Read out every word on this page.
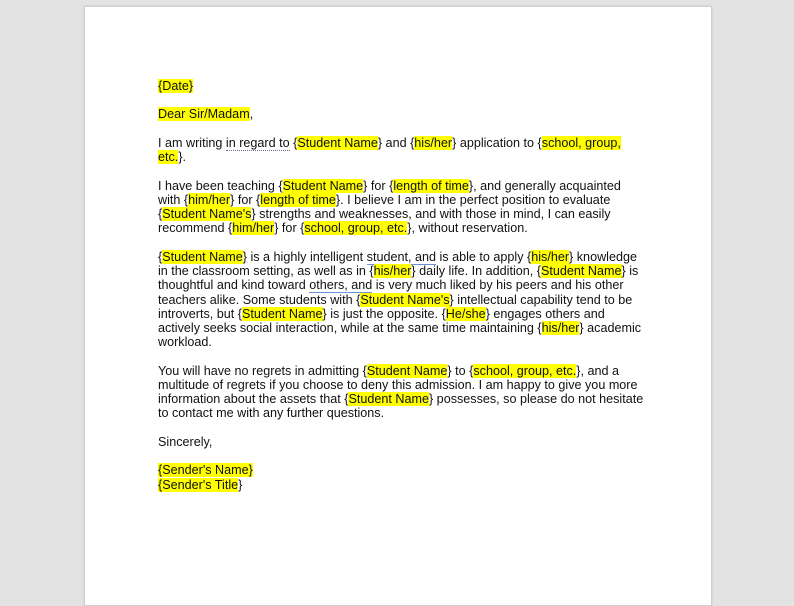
{Date}

Dear Sir/Madam,

I am writing in regard to {Student Name} and {his/her} application to {school, group, etc.}.

I have been teaching {Student Name} for {length of time}, and generally acquainted with {him/her} for {length of time}. I believe I am in the perfect position to evaluate {Student Name's} strengths and weaknesses, and with those in mind, I can easily recommend {him/her} for {school, group, etc.}, without reservation.

{Student Name} is a highly intelligent student, and is able to apply {his/her} knowledge in the classroom setting, as well as in {his/her} daily life. In addition, {Student Name} is thoughtful and kind toward others, and is very much liked by his peers and his other teachers alike. Some students with {Student Name's} intellectual capability tend to be introverts, but {Student Name} is just the opposite. {He/she} engages others and actively seeks social interaction, while at the same time maintaining {his/her} academic workload.

You will have no regrets in admitting {Student Name} to {school, group, etc.}, and a multitude of regrets if you choose to deny this admission. I am happy to give you more information about the assets that {Student Name} possesses, so please do not hesitate to contact me with any further questions.

Sincerely,

{Sender's Name}
{Sender's Title}
